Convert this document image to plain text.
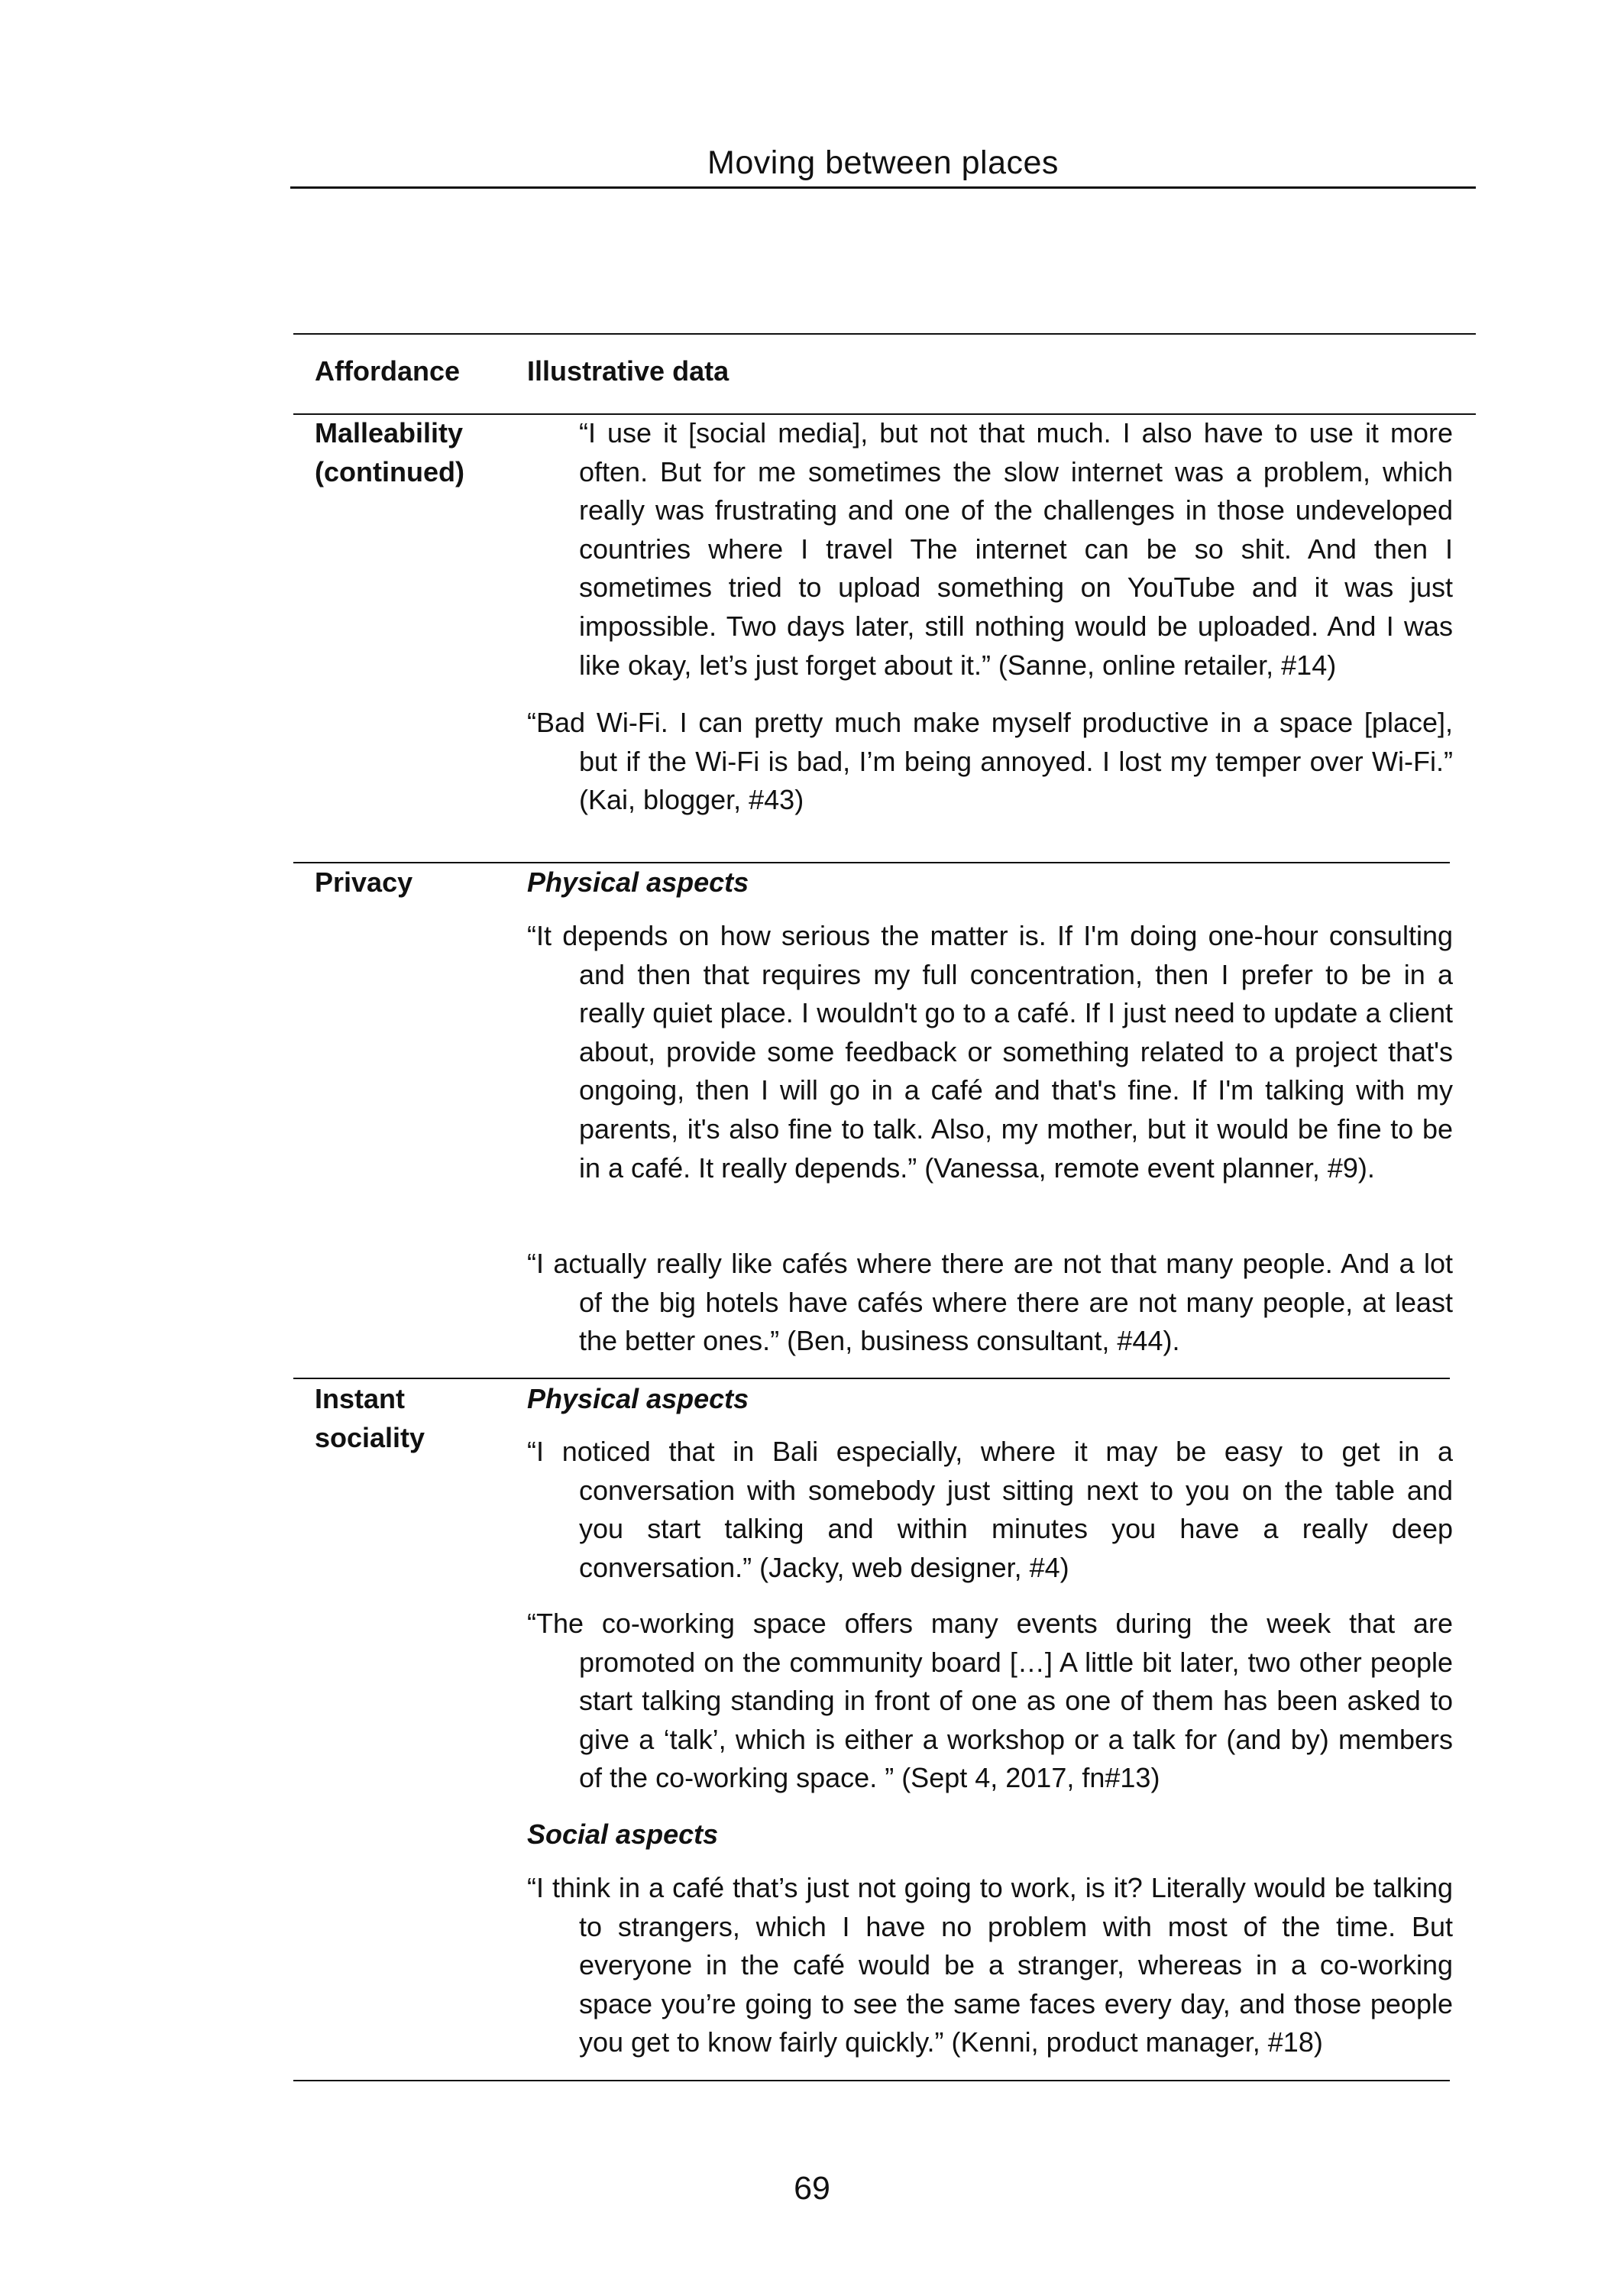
Moving between places
Affordance Illustrative data
Malleability (continued)
“I use it [social media], but not that much. I also have to use it more often. But for me sometimes the slow internet was a problem, which really was frustrating and one of the challenges in those undeveloped countries where I travel The internet can be so shit. And then I sometimes tried to upload something on YouTube and it was just impossible. Two days later, still nothing would be uploaded. And I was like okay, let’s just forget about it.” (Sanne, online retailer, #14)
“Bad Wi-Fi. I can pretty much make myself productive in a space [place], but if the Wi-Fi is bad, I’m being annoyed. I lost my temper over Wi-Fi.” (Kai, blogger, #43)
Privacy	Physical aspects
“It depends on how serious the matter is. If I'm doing one-hour consulting and then that requires my full concentration, then I prefer to be in a really quiet place. I wouldn't go to a café. If I just need to update a client about, provide some feedback or something related to a project that's ongoing, then I will go in a café and that's fine. If I'm talking with my parents, it's also fine to talk. Also, my mother, but it would be fine to be in a café. It really depends.” (Vanessa, remote event planner, #9).
“I actually really like cafés where there are not that many people. And a lot of the big hotels have cafés where there are not many people, at least the better ones.” (Ben, business consultant, #44).
Instant sociality
Physical aspects
“I noticed that in Bali especially, where it may be easy to get in a conversation with somebody just sitting next to you on the table and you start talking and within minutes you have a really deep conversation.” (Jacky, web designer, #4)
“The co-working space offers many events during the week that are promoted on the community board […] A little bit later, two other people start talking standing in front of one as one of them has been asked to give a ‘talk’, which is either a workshop or a talk for (and by) members of the co-working space. ” (Sept 4, 2017, fn#13)
Social aspects
“I think in a café that’s just not going to work, is it? Literally would be talking to strangers, which I have no problem with most of the time. But everyone in the café would be a stranger, whereas in a co-working space you’re going to see the same faces every day, and those people you get to know fairly quickly.” (Kenni, product manager, #18)
69
